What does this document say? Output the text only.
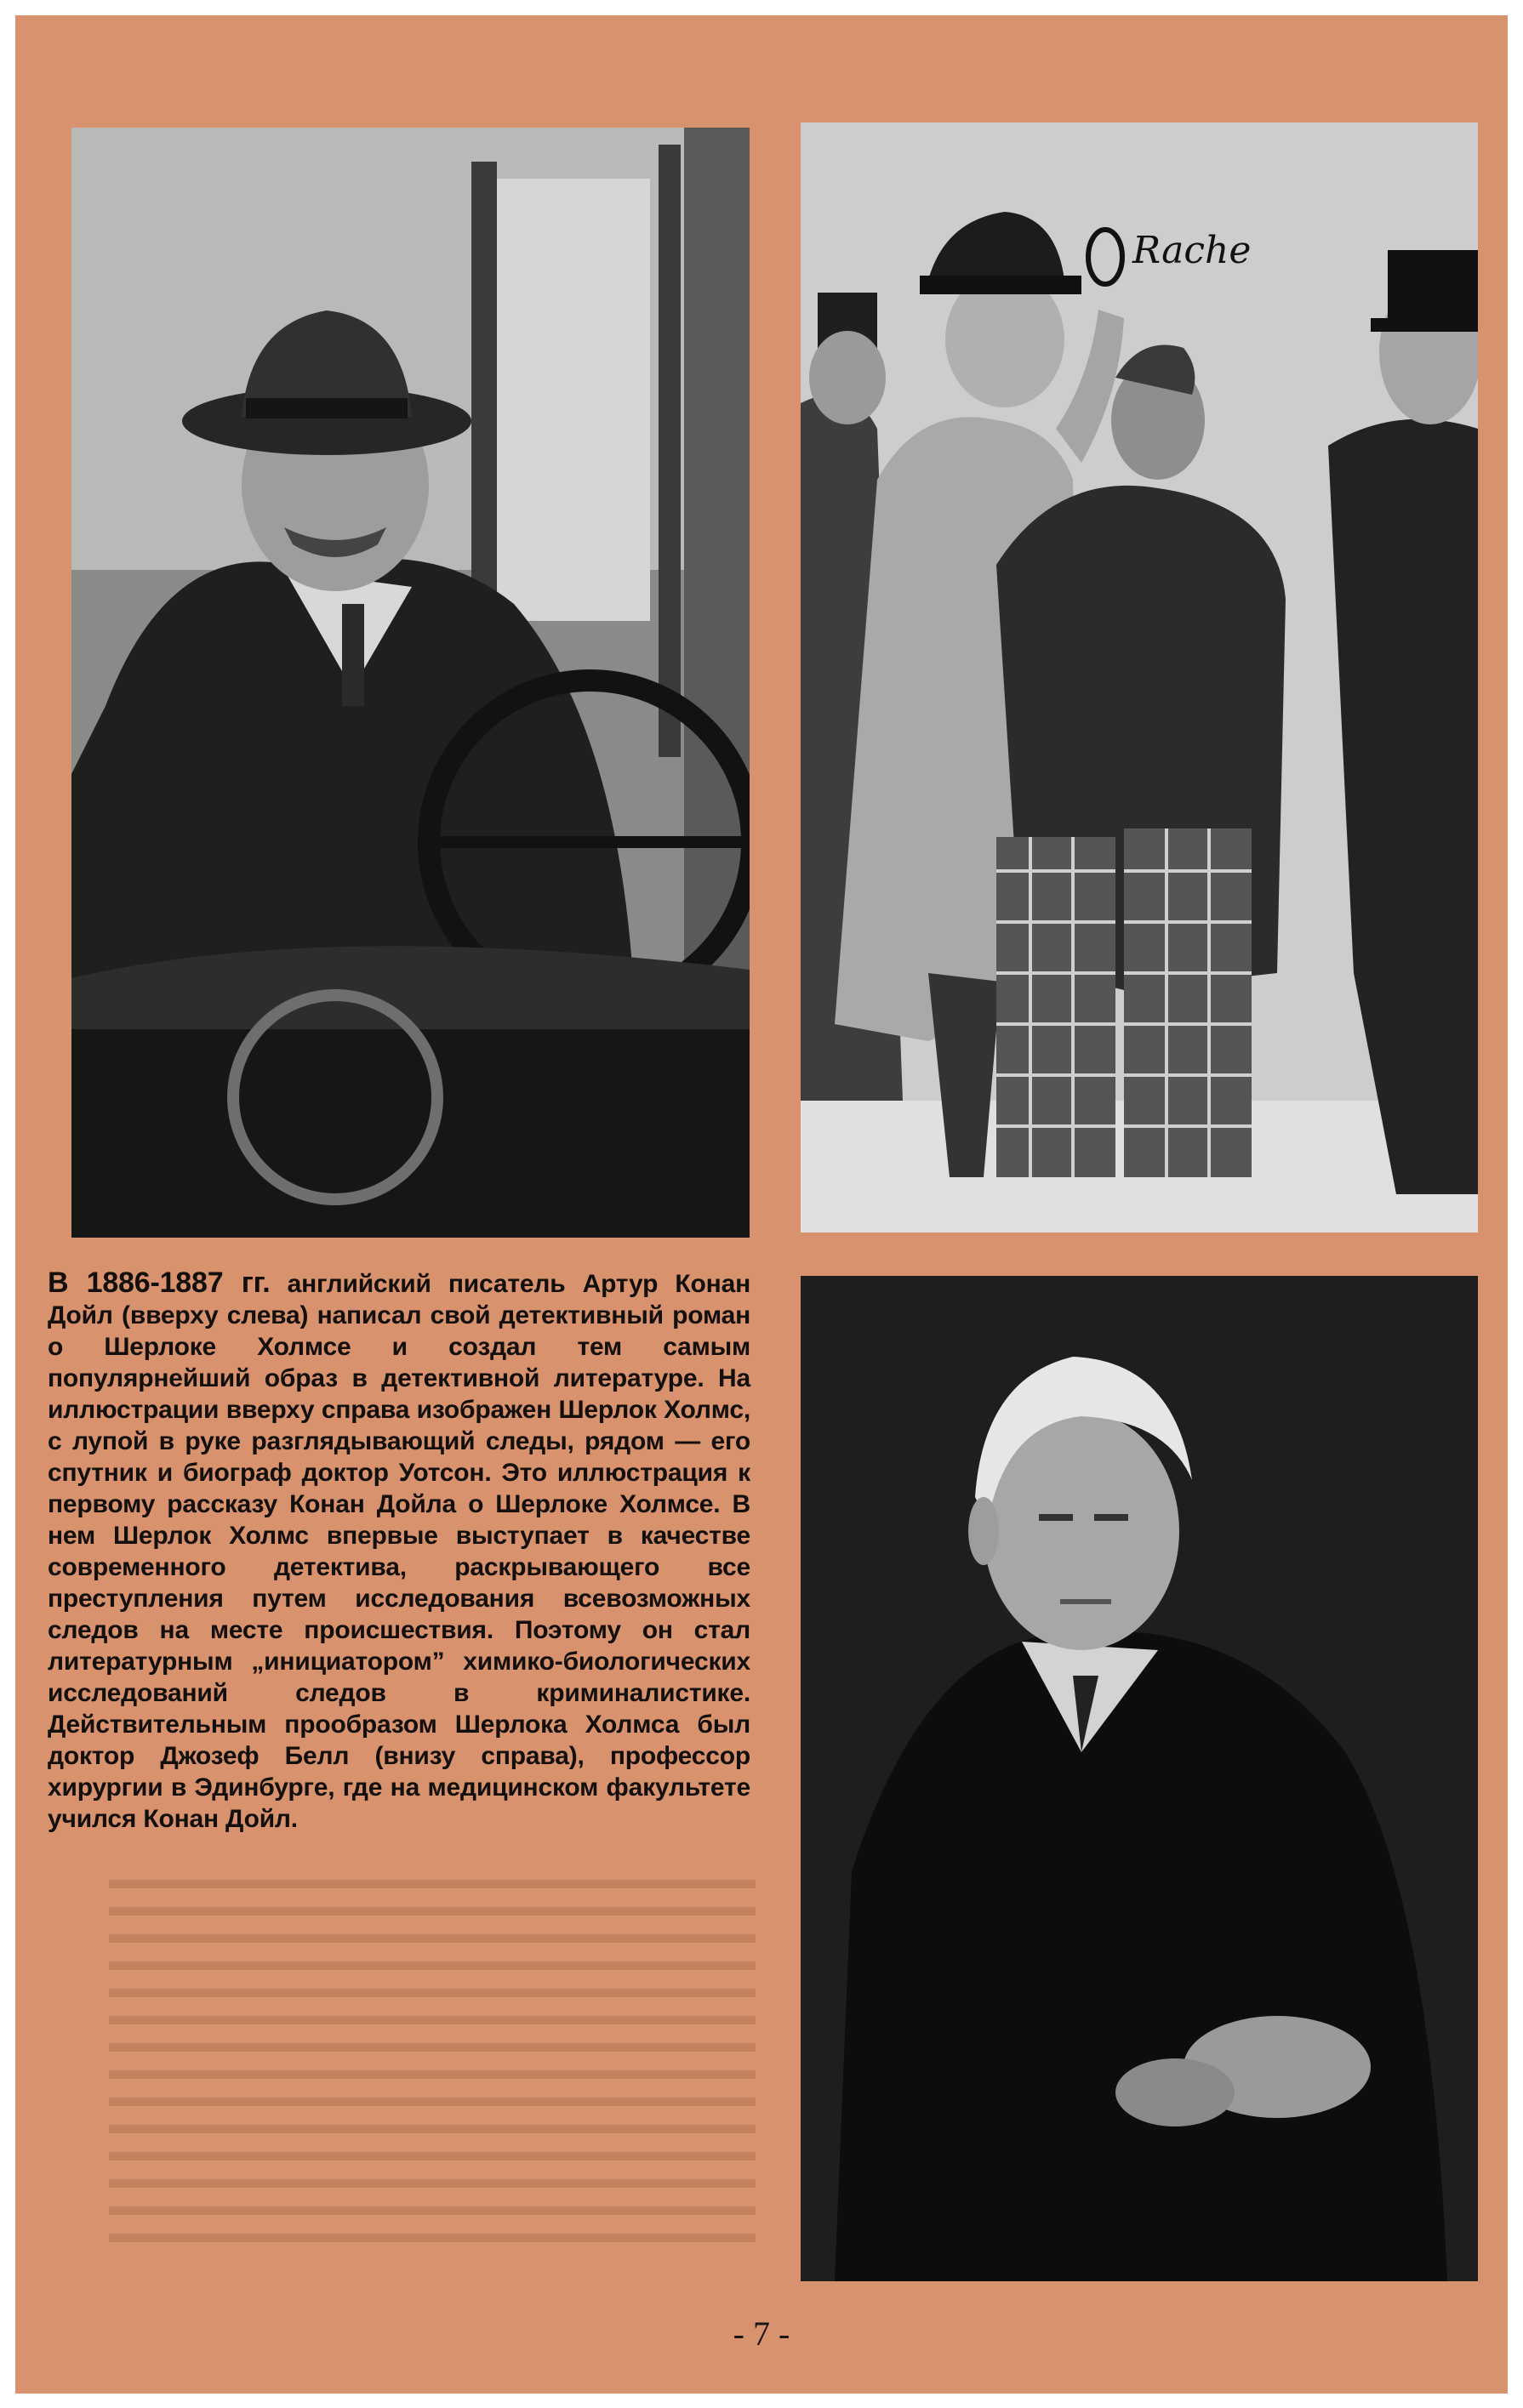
Rache
В 1886-1887 гг. английский писатель Артур Конан Дойл (вверху слева) написал свой детективный роман о Шерлоке Холмсе и создал тем самым популярнейший образ в детективной литературе. На иллюстрации вверху справа изображен Шерлок Холмс, с лупой в руке разглядывающий следы, рядом — его спутник и биограф доктор Уотсон. Это иллюстрация к первому рассказу Конан Дойла о Шерлоке Холмсе. В нем Шерлок Холмс впервые выступает в качестве современного детектива, раскрывающего все преступления путем исследования всевозможных следов на месте происшествия. Поэтому он стал литературным „инициатором” химико-биологических исследований следов в криминалистике. Действительным прообразом Шерлока Холмса был доктор Джозеф Белл (внизу справа), профессор хирургии в Эдинбурге, где на медицинском факультете учился Конан Дойл.
- 7 -
